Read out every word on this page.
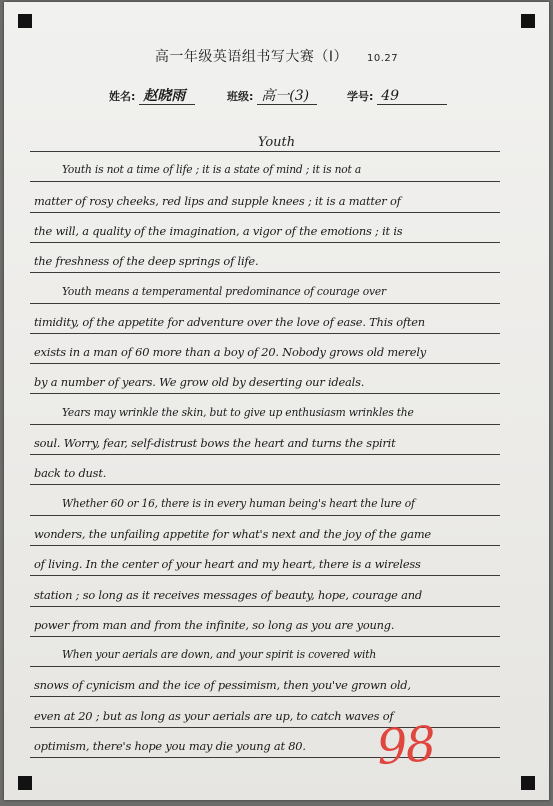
高一年级英语组书写大赛（I） 10.27
姓名: 赵晓雨	班级: 高一(3)	学号: 49
Youth
Youth is not a time of life ; it is a state of mind ; it is not a
matter of rosy cheeks, red lips and supple knees ; it is a matter of
the will, a quality of the imagination, a vigor of the emotions ; it is
the freshness of the deep springs of life.
Youth means a temperamental predominance of courage over
timidity, of the appetite for adventure over the love of ease. This often
exists in a man of 60 more than a boy of 20. Nobody grows old merely
by a number of years. We grow old by deserting our ideals.
Years may wrinkle the skin, but to give up enthusiasm wrinkles the
soul. Worry, fear, self-distrust bows the heart and turns the spirit
back to dust.
Whether 60 or 16, there is in every human being's heart the lure of
wonders, the unfailing appetite for what's next and the joy of the game
of living. In the center of your heart and my heart, there is a wireless
station ; so long as it receives messages of beauty, hope, courage and
power from man and from the infinite, so long as you are young.
When your aerials are down, and your spirit is covered with
snows of cynicism and the ice of pessimism, then you've grown old,
even at 20 ; but as long as your aerials are up, to catch waves of
optimism, there's hope you may die young at 80.	98
